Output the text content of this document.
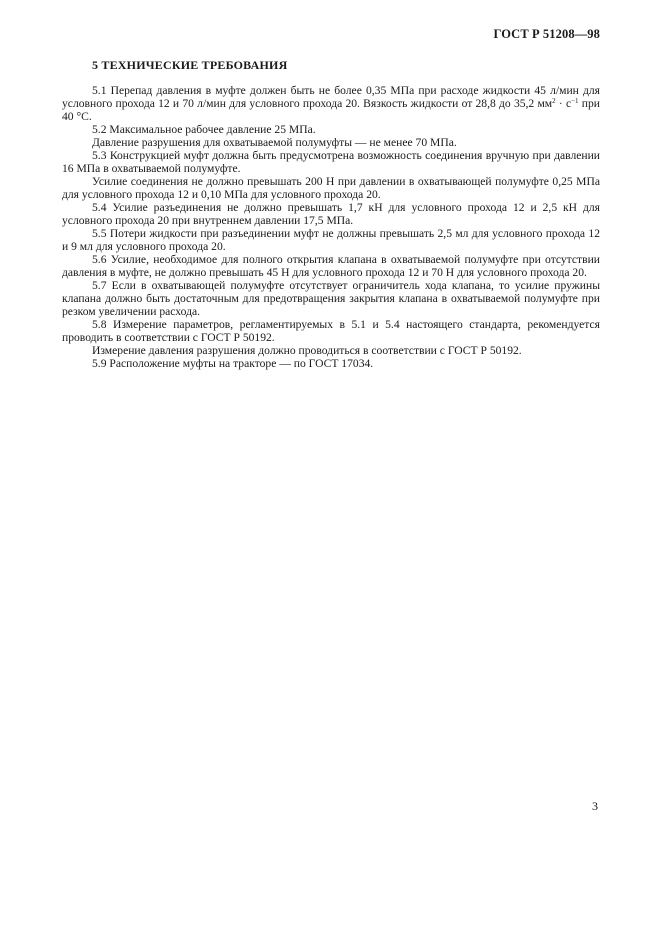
ГОСТ Р 51208—98
5 ТЕХНИЧЕСКИЕ ТРЕБОВАНИЯ

5.1 Перепад давления в муфте должен быть не более 0,35 МПа при расходе жидкости 45 л/мин для условного прохода 12 и 70 л/мин для условного прохода 20. Вязкость жидкости от 28,8 до 35,2 $мм^2 \cdot с^{-1}$ при 40 °С.

5.2 Максимальное рабочее давление 25 МПа.

Давление разрушения для охватываемой полумуфты — не менее 70 МПа.

5.3 Конструкцией муфт должна быть предусмотрена возможность соединения вручную при давлении 16 МПа в охватываемой полумуфте.

Усилие соединения не должно превышать 200 Н при давлении в охватывающей полумуфте 0,25 МПа для условного прохода 12 и 0,10 МПа для условного прохода 20.

5.4 Усилие разъединения не должно превышать 1,7 кН для условного прохода 12 и 2,5 кН для условного прохода 20 при внутреннем давлении 17,5 МПа.

5.5 Потери жидкости при разъединении муфт не должны превышать 2,5 мл для условного прохода 12 и 9 мл для условного прохода 20.

5.6 Усилие, необходимое для полного открытия клапана в охватываемой полумуфте при отсутствии давления в муфте, не должно превышать 45 Н для условного прохода 12 и 70 Н для условного прохода 20.

5.7 Если в охватывающей полумуфте отсутствует ограничитель хода клапана, то усилие пружины клапана должно быть достаточным для предотвращения закрытия клапана в охватываемой полумуфте при резком увеличении расхода.

5.8 Измерение параметров, регламентируемых в 5.1 и 5.4 настоящего стандарта, рекомендуется проводить в соответствии с ГОСТ Р 50192.

Измерение давления разрушения должно проводиться в соответствии с ГОСТ Р 50192.

5.9 Расположение муфты на тракторе — по ГОСТ 17034.

3
